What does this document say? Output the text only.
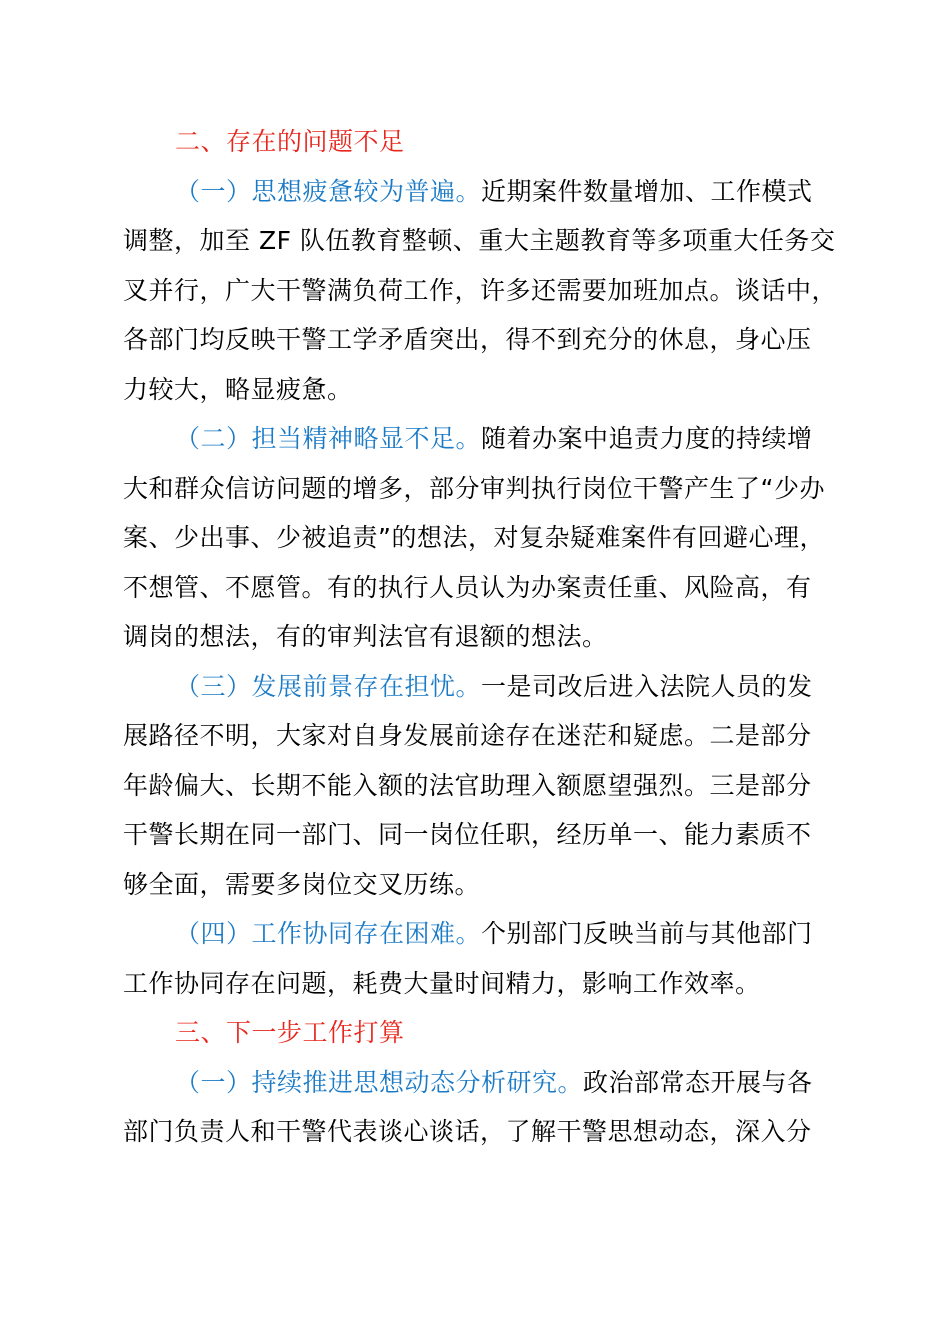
二、存在的问题不足
（一）思想疲惫较为普遍。近期案件数量增加、工作模式
调整，加至 ZF 队伍教育整顿、重大主题教育等多项重大任务交
叉并行，广大干警满负荷工作，许多还需要加班加点。谈话中，
各部门均反映干警工学矛盾突出，得不到充分的休息，身心压
力较大，略显疲惫。
（二）担当精神略显不足。随着办案中追责力度的持续增
大和群众信访问题的增多，部分审判执行岗位干警产生了“少办
案、少出事、少被追责”的想法，对复杂疑难案件有回避心理，
不想管、不愿管。有的执行人员认为办案责任重、风险高，有
调岗的想法，有的审判法官有退额的想法。
（三）发展前景存在担忧。一是司改后进入法院人员的发
展路径不明，大家对自身发展前途存在迷茫和疑虑。二是部分
年龄偏大、长期不能入额的法官助理入额愿望强烈。三是部分
干警长期在同一部门、同一岗位任职，经历单一、能力素质不
够全面，需要多岗位交叉历练。
（四）工作协同存在困难。个别部门反映当前与其他部门
工作协同存在问题，耗费大量时间精力，影响工作效率。
三、下一步工作打算
（一）持续推进思想动态分析研究。政治部常态开展与各
部门负责人和干警代表谈心谈话，了解干警思想动态，深入分
